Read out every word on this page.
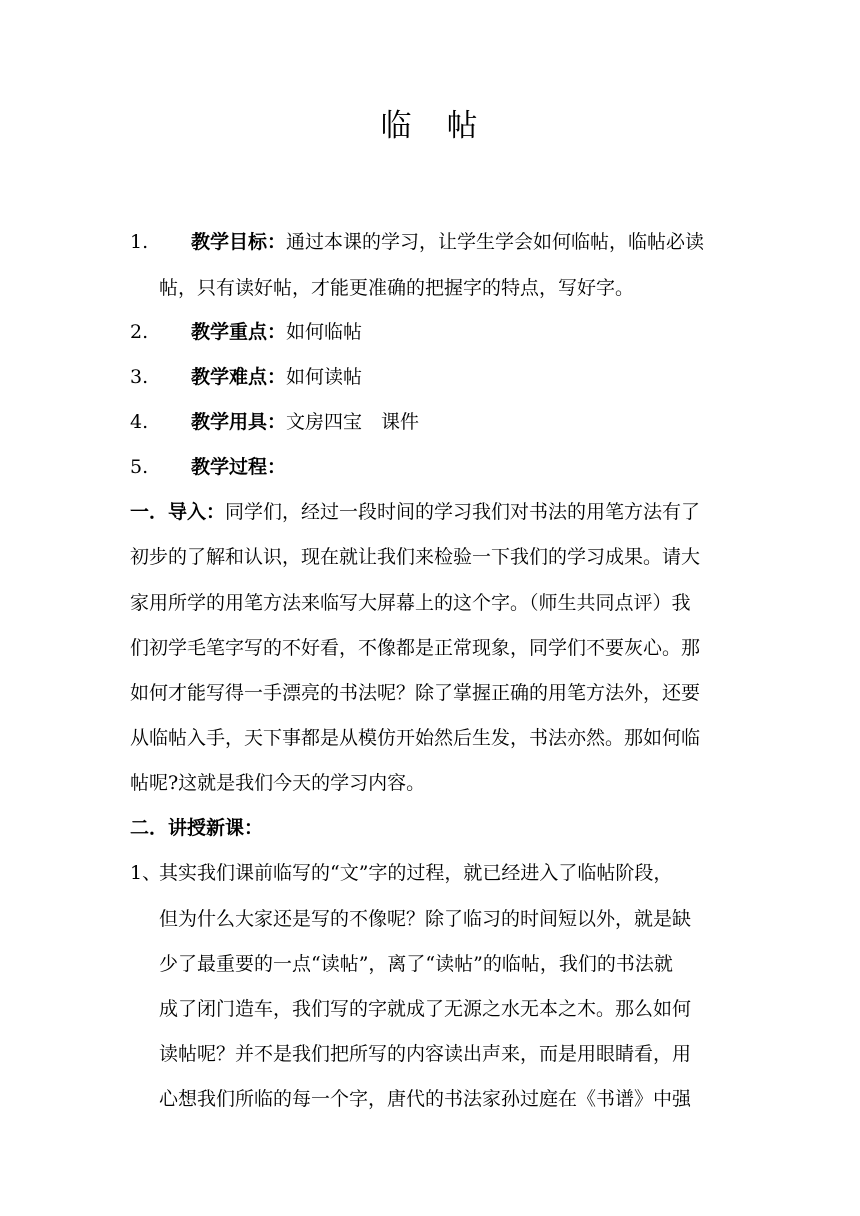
临　帖
1. 教学目标：通过本课的学习，让学生学会如何临帖，临帖必读
帖，只有读好帖，才能更准确的把握字的特点，写好字。
2. 教学重点：如何临帖
3. 教学难点：如何读帖
4. 教学用具：文房四宝　课件
5. 教学过程：
一．导入：同学们，经过一段时间的学习我们对书法的用笔方法有了
初步的了解和认识，现在就让我们来检验一下我们的学习成果。请大
家用所学的用笔方法来临写大屏幕上的这个字。（师生共同点评）我
们初学毛笔字写的不好看，不像都是正常现象，同学们不要灰心。那
如何才能写得一手漂亮的书法呢？除了掌握正确的用笔方法外，还要
从临帖入手，天下事都是从模仿开始然后生发，书法亦然。那如何临
帖呢?这就是我们今天的学习内容。
二．讲授新课：
1、
其实我们课前临写的“文”字的过程，就已经进入了临帖阶段，
但为什么大家还是写的不像呢？除了临习的时间短以外，就是缺
少了最重要的一点“读帖”，离了“读帖”的临帖，我们的书法就
成了闭门造车，我们写的字就成了无源之水无本之木。那么如何
读帖呢？并不是我们把所写的内容读出声来，而是用眼睛看，用
心想我们所临的每一个字，唐代的书法家孙过庭在《书谱》中强
